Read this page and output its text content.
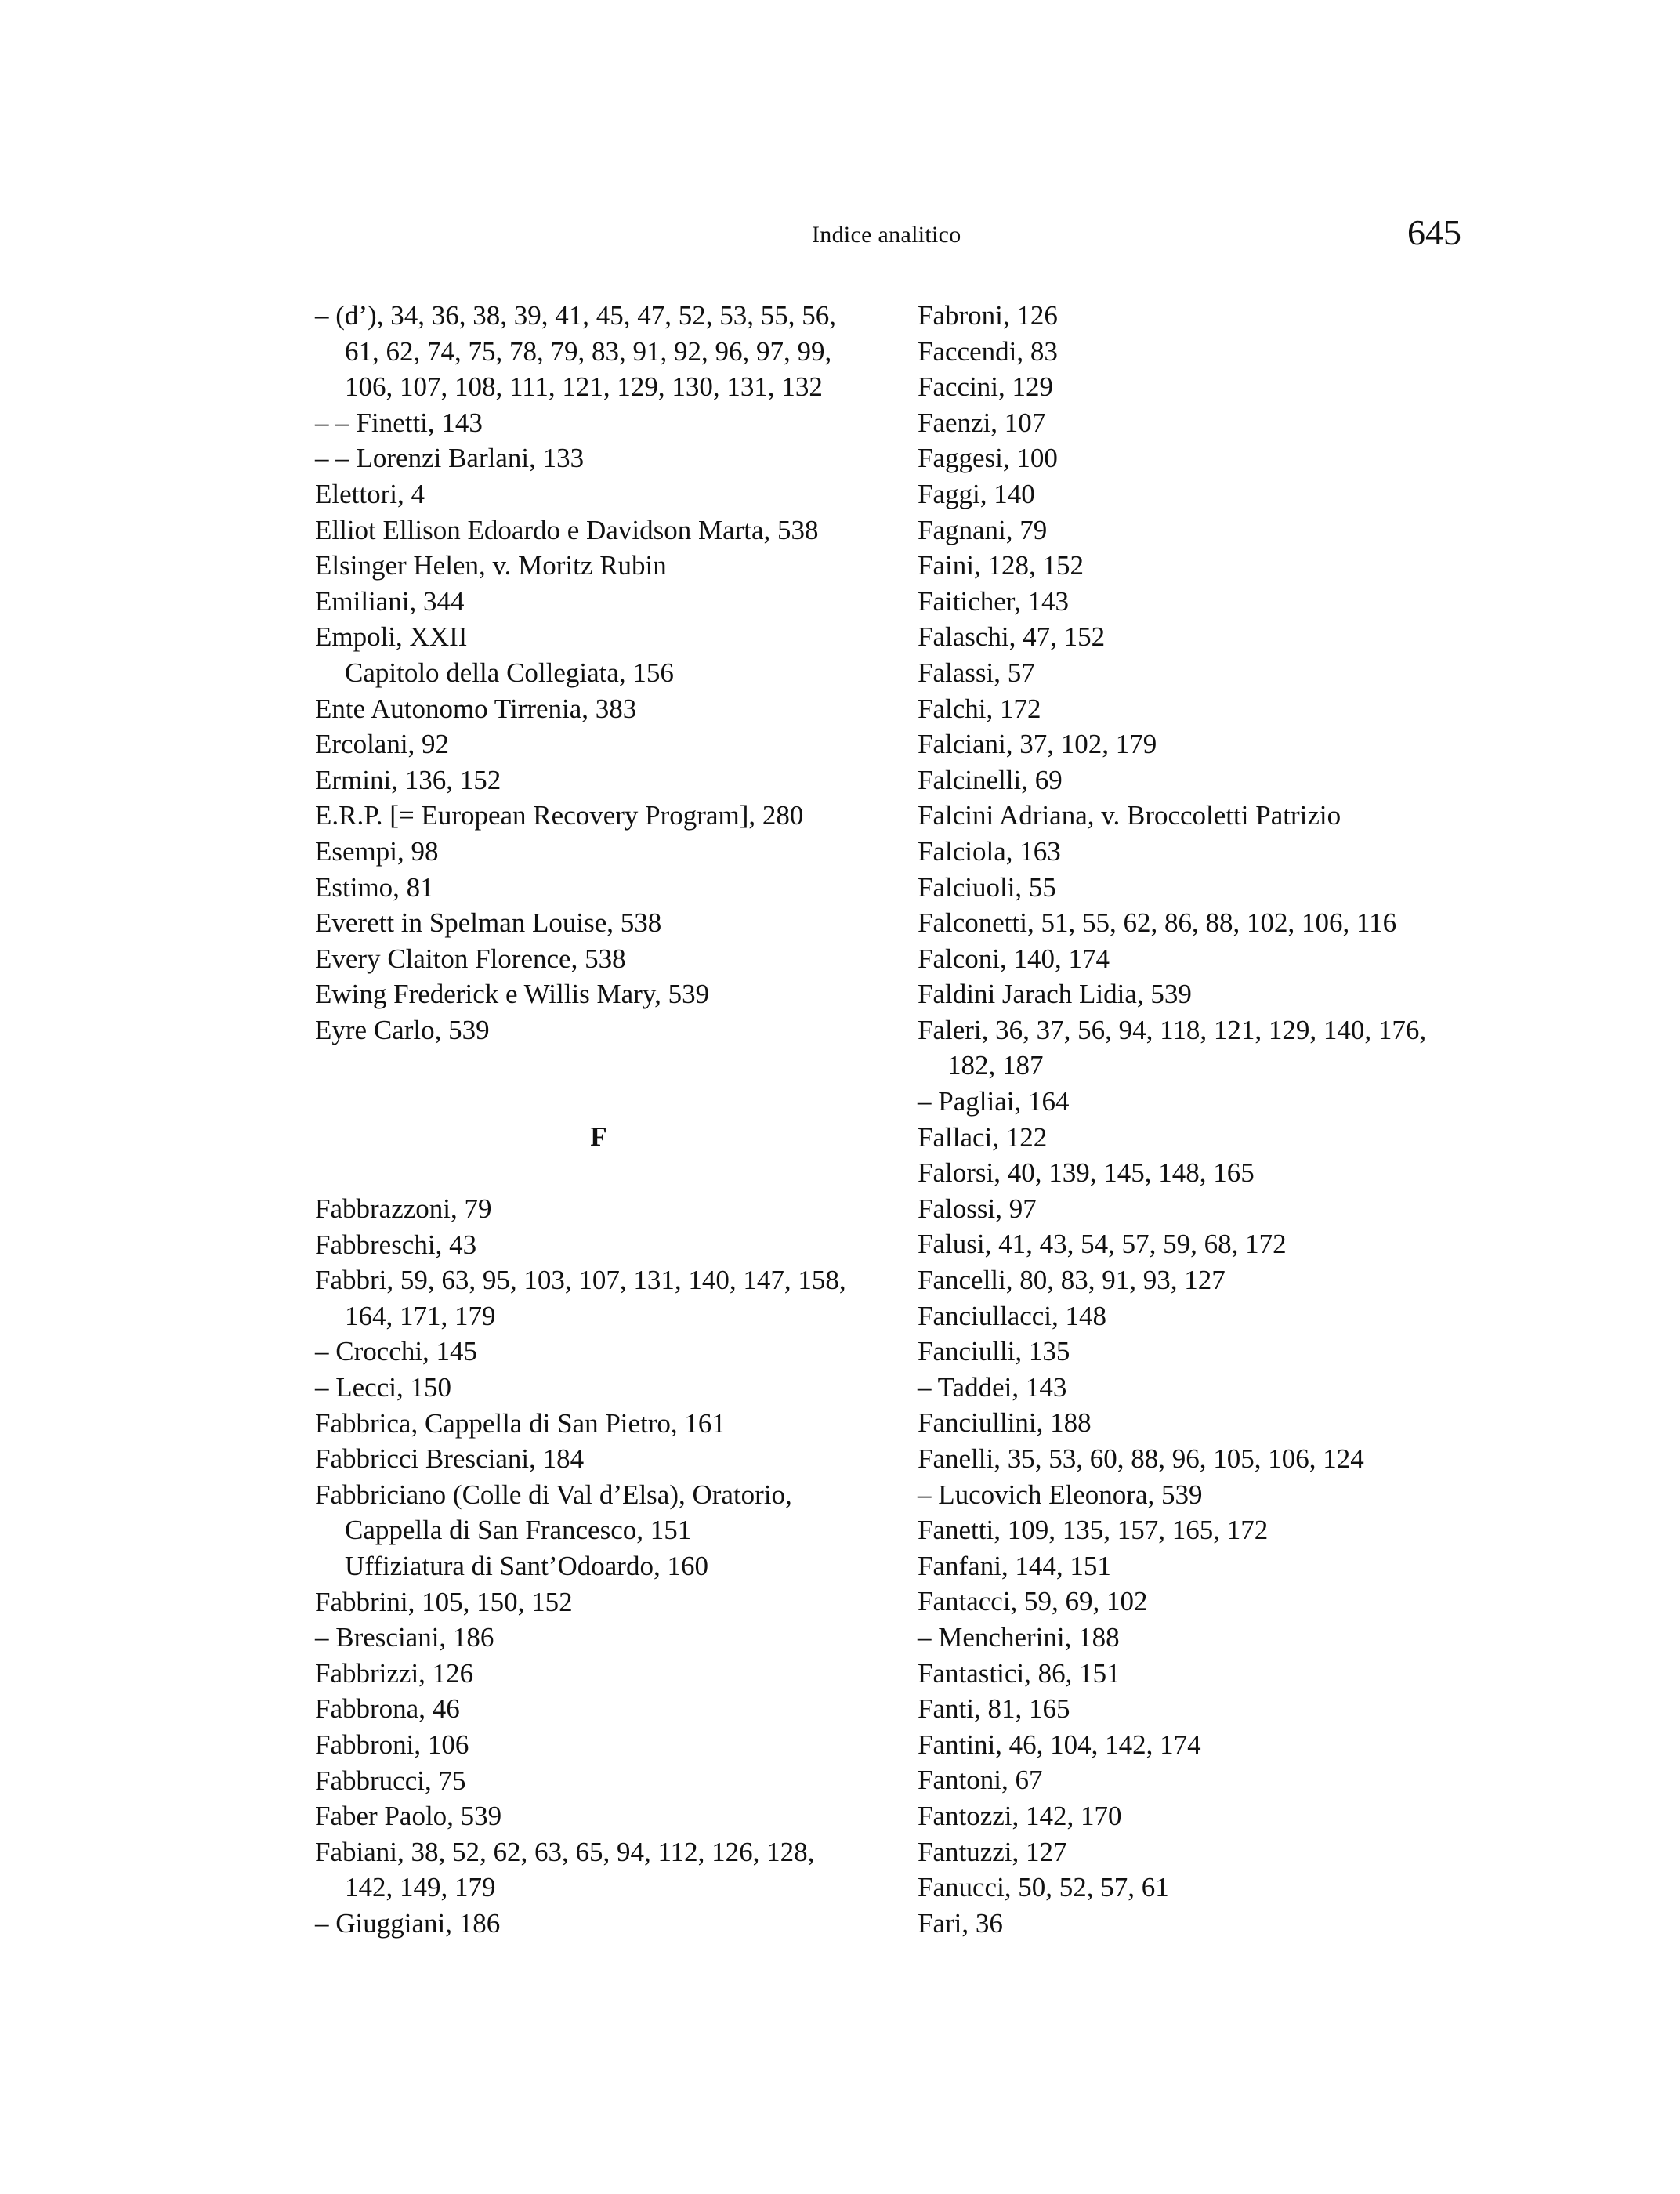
Indice analitico	645
– (d’), 34, 36, 38, 39, 41, 45, 47, 52, 53, 55, 56,
61, 62, 74, 75, 78, 79, 83, 91, 92, 96, 97, 99,
106, 107, 108, 111, 121, 129, 130, 131, 132
– – Finetti, 143
– – Lorenzi Barlani, 133
Elettori, 4
Elliot Ellison Edoardo e Davidson Marta, 538
Elsinger Helen, v. Moritz Rubin
Emiliani, 344
Empoli, XXII
Capitolo della Collegiata, 156
Ente Autonomo Tirrenia, 383
Ercolani, 92
Ermini, 136, 152
E.R.P. [= European Recovery Program], 280
Esempi, 98
Estimo, 81
Everett in Spelman Louise, 538
Every Claiton Florence, 538
Ewing Frederick e Willis Mary, 539
Eyre Carlo, 539
F
Fabbrazzoni, 79
Fabbreschi, 43
Fabbri, 59, 63, 95, 103, 107, 131, 140, 147, 158,
164, 171, 179
– Crocchi, 145
– Lecci, 150
Fabbrica, Cappella di San Pietro, 161
Fabbricci Bresciani, 184
Fabbriciano (Colle di Val d’Elsa), Oratorio,
Cappella di San Francesco, 151
Uffiziatura di Sant’Odoardo, 160
Fabbrini, 105, 150, 152
– Bresciani, 186
Fabbrizzi, 126
Fabbrona, 46
Fabbroni, 106
Fabbrucci, 75
Faber Paolo, 539
Fabiani, 38, 52, 62, 63, 65, 94, 112, 126, 128,
142, 149, 179
– Giuggiani, 186
Fabroni, 126
Faccendi, 83
Faccini, 129
Faenzi, 107
Faggesi, 100
Faggi, 140
Fagnani, 79
Faini, 128, 152
Faiticher, 143
Falaschi, 47, 152
Falassi, 57
Falchi, 172
Falciani, 37, 102, 179
Falcinelli, 69
Falcini Adriana, v. Broccoletti Patrizio
Falciola, 163
Falciuoli, 55
Falconetti, 51, 55, 62, 86, 88, 102, 106, 116
Falconi, 140, 174
Faldini Jarach Lidia, 539
Faleri, 36, 37, 56, 94, 118, 121, 129, 140, 176,
182, 187
– Pagliai, 164
Fallaci, 122
Falorsi, 40, 139, 145, 148, 165
Falossi, 97
Falusi, 41, 43, 54, 57, 59, 68, 172
Fancelli, 80, 83, 91, 93, 127
Fanciullacci, 148
Fanciulli, 135
– Taddei, 143
Fanciullini, 188
Fanelli, 35, 53, 60, 88, 96, 105, 106, 124
– Lucovich Eleonora, 539
Fanetti, 109, 135, 157, 165, 172
Fanfani, 144, 151
Fantacci, 59, 69, 102
– Mencherini, 188
Fantastici, 86, 151
Fanti, 81, 165
Fantini, 46, 104, 142, 174
Fantoni, 67
Fantozzi, 142, 170
Fantuzzi, 127
Fanucci, 50, 52, 57, 61
Fari, 36
